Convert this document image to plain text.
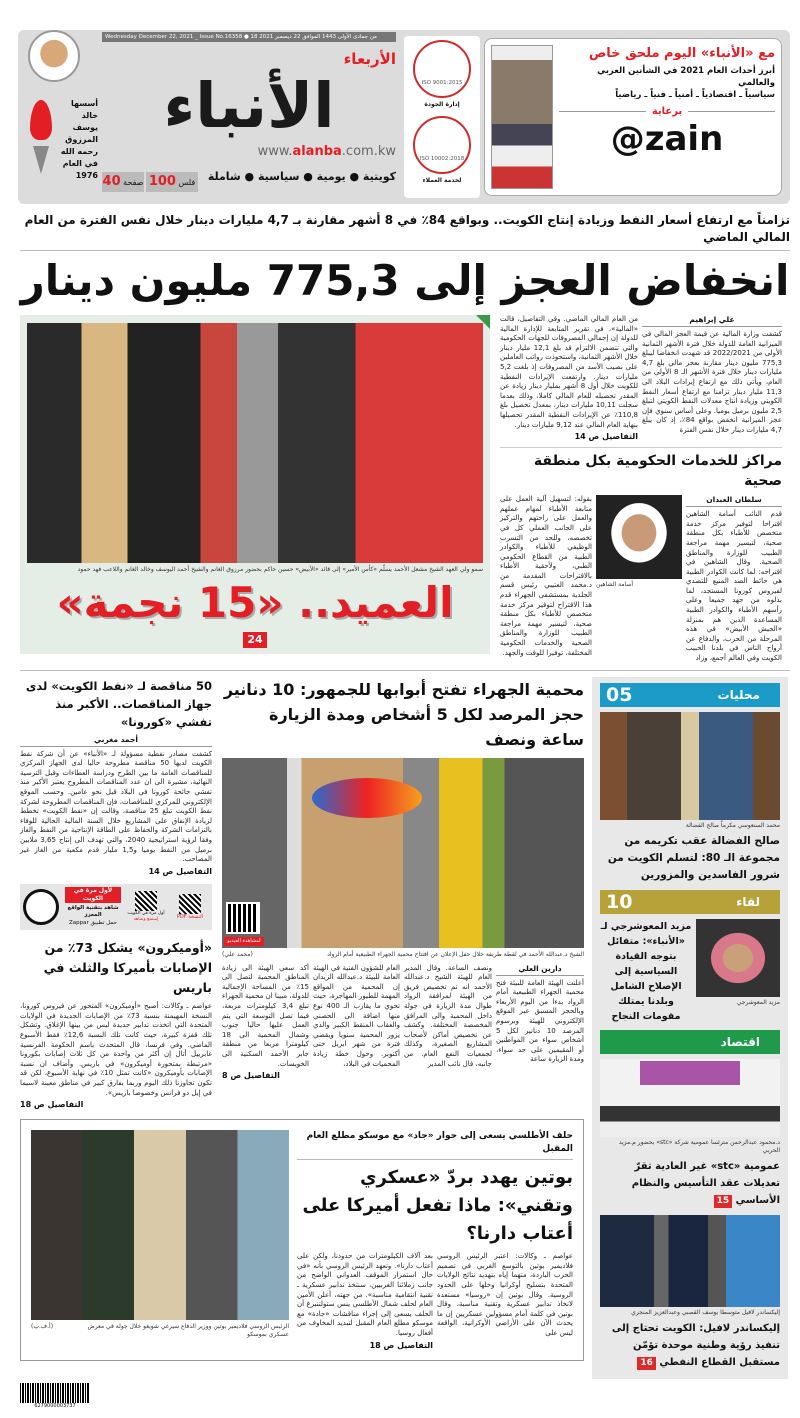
أسسها
خالد يوسف
المرزوق
رحمه الله
في العام
1976
Wednesday December 22, 2021 _ Issue No.16358 ● 18 من جمادى الأولى 1443 الموافق 22 ديسمبر 2021
الأربعاء
الأنباء
www.alanba.com.kw
كويتية ● يومية ● سياسية ● شاملة
100 فلس
40 صفحة
ISO 9001:2015
إدارة الجودة
ISO 10002:2018
لخدمة العملاء
مع «الأنباء» اليوم ملحق خاص
أبرز أحداث العام 2021 في الشأنين العربي والعالمي
سياسياً ـ اقتصادياً ـ أمنياً ـ فنياً ـ رياضياً
برعاية
@zain
تزامناً مع ارتفاع أسعار النفط وزيادة إنتاج الكويت.. وبواقع 84٪ في 8 أشهر مقارنة بـ 4,7 مليارات دينار خلال نفس الفترة من العام المالي الماضي
انخفاض العجز إلى 775,3 مليون دينار
سمو ولي العهد الشيخ مشعل الأحمد يسلّم «كأس الأمير» إلى قائد «الأبيض» حسين حاكم بحضور مرزوق الغانم والشيخ أحمد اليوسف وخالد الغانم واللاعب فهد حمود
العميد.. «15 نجمة»
24
من العام المالي الماضي. وفي التفاصيل، قالت «المالية»، في تقرير المتابعة للإدارة المالية للدولة إن إجمالي المصروفات للجهات الحكومية والتي تتضمن الالتزام قد بلغ 12,1 مليار دينار خلال الأشهر الثمانية، واستحوذت رواتب العاملين على نصيب الأسد من المصروفات إذ بلغت 5,2 مليارات دينار. وارتفعت الإيرادات النفطية للكويت خلال أول 8 أشهر بمليار دينار زيادة عن المقدر تحصيله للعام المالي كاملا، وذلك بعدما سجلت 10,11 مليارات دينار، بمعدل تحصيل بلغ 110,8٪ عن الإيرادات النفطية المقدر تحصيلها بنهاية العام المالي عند 9,12 مليارات دينار.
التفاصيل ص 14
علي إبراهيم
كشفت وزارة المالية عن قيمة العجز المالي في الميزانية العامة للدولة خلال فترة الأشهر الثمانية الأولى من 2022/2021 قد شهدت انخفاضا ليبلغ 775,3 مليون دينار مقارنة بعجز مالي بلغ 4,7 مليارات دينار خلال فترة الأشهر الـ 8 الأولى من العام، ويأتي ذلك مع ارتفاع إيرادات البلاد الى 11,3 مليار دينار تزامنا مع ارتفاع أسعار النفط الكويتي وزيادة انتاج معدلات النفط الكويتي لتبلغ 2,5 مليون برميل يوميا. وعلى أساس سنوي فإن عجز الميزانية انخفض بواقع 84٪، إذ كان يبلغ 4,7 مليارات دينار خلال نفس الفترة
مراكز للخدمات الحكومية بكل منطقة صحية
بقوله: لتسهيل آلية العمل على متابعة الأطباء لمهام عملهم والعمل على راحتهم والتركيز على الجانب العملي كل في تخصصه، وللحد من التسرب الوظيفي للأطباء والكوادر الطبية من القطاع الحكومي الطبي، ولأحقية الأطباء بالاقتراحات المقدمة من د.محمد العتيبي رئيس قسم الجلدية بمستشفى الجهراء قدم هذا الاقتراح لتوفير مركز خدمة متخصص للأطباء بكل منطقة صحية، لتيسير مهمة مراجعة الطبيب للوزارة والمناطق الصحية والخدمات الحكومية المختلفة، توفيرا للوقت والجهد.
أسامة الشاهين
سلطان العبدان
قدم النائب أسامة الشاهين اقتراحا لتوفير مركز خدمة متخصص للأطباء بكل منطقة صحية، لتيسير مهمة مراجعة الطبيب للوزارة والمناطق الصحية. وقال الشاهين في اقتراحه: لما كانت الكوادر الطبية هي حائط الصد المنيع للتصدي لفيروس كورونا المستجد، لما بذلوه من جهد جميعا وعلى رأسهم الأطباء والكوادر الطبية المساعدة الذين هم بمنزلة «الجيش الأبيض» في هذه المرحلة من الحرب، والدفاع عن أرواح الناس في بلدنا الحبيب الكويت وفي العالم أجمع، وزاد
50 مناقصة لـ «نفط الكويت» لدى جهاز المناقصات.. الأكبر منذ تفشي «كورونا»
أحمد مغربي
كشفت مصادر نفطية مسؤولة لـ «الأنباء» عن أن شركة نفط الكويت لديها 50 مناقصة مطروحة حاليا لدى الجهاز المركزي للمناقصات العامة ما بين الطرح ودراسة العطاءات وقبل الترسية النهائية، مشيرة الى ان عدد المناقصات المطروح يعتبر الأكبر منذ تفشي جائحة كورونا في البلاد قبل نحو عامين. وحسب الموقع الإلكتروني للمركزي للمناقصات، فإن المناقصات المطروحة لشركة نفط الكويت تبلغ 25 مناقصة، وقالت إن «نفط الكويت» تخطط لزيادة الإنفاق على المشاريع خلال السنة المالية الحالية للوفاء بالتزامات الشركة والحفاظ على الطاقة الإنتاجية من النفط والغاز وفقا لرؤية استراتيجية 2040، والتي تهدف الى إنتاج 3,65 ملايين برميل من النفط يوميا و1,5 مليار قدم مكعبة من الغاز غير المصاحب.
التفاصيل ص 14
لأول مرة في الكويت
شاهد بتقنية الواقع المعزز
حمل تطبيق Zappar
أول مرة في الكويت
إستمع وشاهد	النسخة PDF
«أوميكرون» يشكل 73٪ من الإصابات بأميركا والثلث في باريس
عواصم ـ وكالات: أصبح «أوميكرون» المتحور عن فيروس كورونا، النسخة المهيمنة بنسبة 73٪ من الإصابات الجديدة في الولايات المتحدة التي اتخذت تدابير جديدة ليس من بينها الإغلاق. وتشكل تلك قفزة كبيرة، حيث كانت تلك النسبة 12,6٪ فقط الأسبوع الماضي. وفي فرنسا، قال المتحدث باسم الحكومة الفرنسية غابرييل أتال إن أكثر من واحدة من كل ثلاث إصابات بكورونا «مرتبطة بمتحورة أوميكرون» في باريس. وأضاف ان نسبة الإصابات بأوميكرون «كانت تمثل 10٪ في نهاية الأسبوع، لكن قد تكون تجاوزنا ذلك اليوم وربما بفارق كبير في مناطق معينة لاسيما في إيل دو فرانس وخصوصا باريس».
التفاصيل ص 18
محمية الجهراء تفتح أبوابها للجمهور: 10 دنانير حجز المرصد لكل 5 أشخاص ومدة الزيارة ساعة ونصف
لمشاهدة الفيديو
(محمد علي)	الشيخ د.عبدالله الأحمد في لقطة طريفة خلال حفل الإعلان عن افتتاح محمية الجهراء الطبيعية أمام الرواد
أكد سعي الهيئة الى زيادة المناطق المحمية لتصل الى 15٪ من المساحة الإجمالية للدولة، مبينا ان محمية الجهراء تبلغ 3,4 كيلومترات مربعة، فيما تصل التوسعة التي يتم العمل عليها حاليا جنوب وشمال المحمية الى 18 كيلومترا مربعا من منطقة جابر الأحمد السكنية الى الخويسات.
التفاصيل ص 8
العام للشؤون الفنية في الهيئة العامة للبيئة د.عبدالله الزيدان إن المحمية من المواقع المهمة للطيور المهاجرة، حيث تحوي ما يقارب الـ 400 نوع منها اضافة الى الحصني والعقاب المنقط الكبير والذي يزور المحمية سنويا ويقضي فترة من شهر ابريل حتى أكتوبر. وحول خطة زيادة المحميات في البلاد،
ونصف الساعة. وقال المدير العام للهيئة الشيخ د.عبدالله الأحمد انه تم تخصيص فريق من الهيئة لمرافقة الرواد طوال مدة الزيارة في جولة داخل المحمية والى المرافق المخصصة المختلفة. وكشف عن تخصيص أماكن لأصحاب المشاريع الصغيرة، وكذلك لجمعيات النفع العام. من جانبه، قال نائب المدير
دارين العلي
أعلنت الهيئة العامة للبيئة فتح محمية الجهراء الطبيعية أمام الرواد بدءا من اليوم الأربعاء وبالحجز المسبق عبر الموقع الإلكتروني للهيئة وبرسوم المرصد 10 دنانير لكل 5 أشخاص سواء من المواطنين أو المقيمين على حد سواء، ومدة الزيارة ساعة
(أ.ف.پ)	الرئيس الروسي فلاديمير بوتين ووزير الدفاع سيرغي شويغو خلال جولة في معرض عسكري بموسكو
حلف الأطلسي يسعى إلى حوار «جاد» مع موسكو مطلع العام المقبل
بوتين يهدد بردّ «عسكري وتقني»: ماذا تفعل أميركا على أعتاب دارنا؟
بعد آلاف الكيلومترات من حدودنا، ولكن على أعتاب دارنا». وتعهد الرئيس الروسي بأنه «في حال استمرار الموقف العدواني الواضح من جانب زملائنا الغربيين، سنتخذ تدابير عسكرية ـ تقنية انتقامية مناسبة». من جهته، أعلن الأمين العام لحلف شمال الأطلسي ينس ستولتنبرغ أن الحلف يسعى إلى إجراء مناقشات «جادة» مع موسكو مطلع العام المقبل لتبديد المخاوف من أفعال روسيا.
التفاصيل ص 18
عواصم ـ وكالات: اعتبر الرئيس الروسي فلاديمير بوتين بالتوسع الغربي في تصميم الحرب الباردة، متهما إياه بتهديد نتائج الولايات المتحدة بتسليح أوكرانيا وحلها على الحدود الروسية. وقال بوتين إن «روسيا» مستعدة لاتخاذ تدابير عسكرية وتقنية مناسبة، وقال بوتين في كلمة أمام مسؤولين عسكريين إن ما يحدث الآن على الأراضي الأوكرانية، الواقعة ليس على
05	محليات
محمد السنعوسي مكرماً صالح الفضالة
صالح الفضالة عقب تكريمه من مجموعة الـ 80: لتسلم الكويت من شرور الفاسدين والمزورين
10	لقاء
مزيد المعوشرجي لـ «الأنباء»: متفائل بتوجه القيادة السياسية إلى الإصلاح الشامل وبلدنا يمتلك مقومات النجاح
مزيد المعوشرجي
اقتصاد
د.محمود عبدالرحمن مترئسا عمومية شركة «stc» بحضور م.مزيد الحربي
عمومية «stc» غير العادية تقرّ تعديلات عقد التأسيس والنظام الأساسي 15
إليكساندر لافيل متوسطا يوسف القصبي وعبدالعزيز المنجري
إليكساندر لافيل: الكويت تحتاج إلى تنفيذ رؤية وطنية موحدة تؤمّن مستقبل القطاع النفطي 16
6279000003737
